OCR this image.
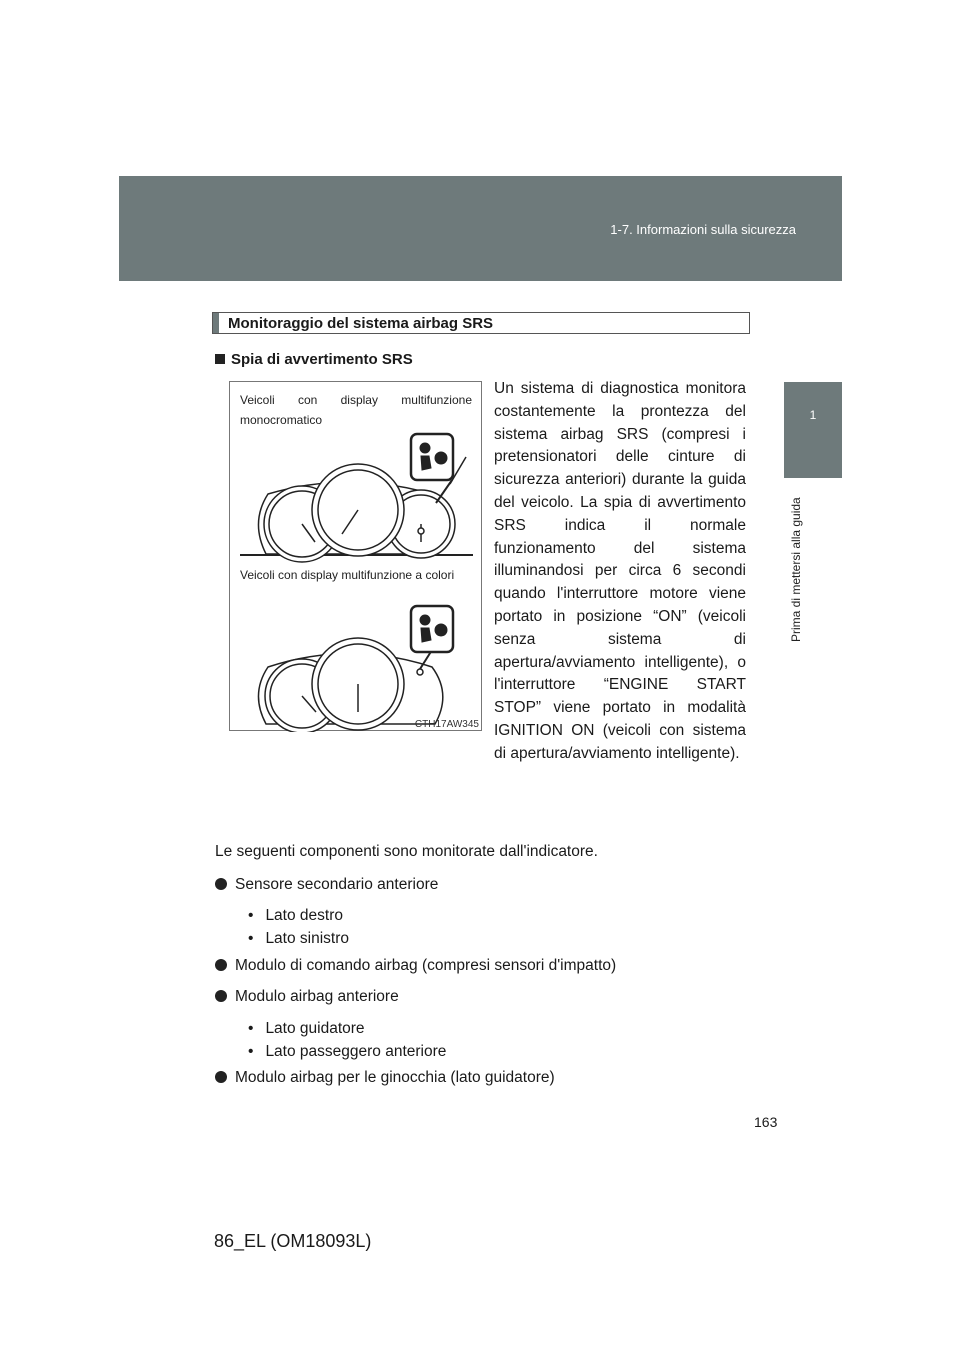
1-7. Informazioni sulla sicurezza
1
Prima di mettersi alla guida
Monitoraggio del sistema airbag SRS
Spia di avvertimento SRS
Veicoli con display multifunzione monocromatico
Veicoli con display multifunzione a colori
CTH17AW345
Un sistema di diagnostica monitora costantemente la prontezza del sistema airbag SRS (compresi i pretensionatori delle cinture di sicurezza anteriori) durante la guida del veicolo. La spia di avvertimento SRS indica il normale funzionamento del sistema illuminandosi per circa 6 secondi quando l'interruttore motore viene portato in posizione “ON” (veicoli senza sistema di apertura/avviamento intelligente), o l'interruttore “ENGINE START STOP” viene portato in modalità IGNITION ON (veicoli con sistema di apertura/avviamento intelligente).
Le seguenti componenti sono monitorate dall'indicatore.
Sensore secondario anteriore
• Lato destro
• Lato sinistro
Modulo di comando airbag (compresi sensori d'impatto)
Modulo airbag anteriore
• Lato guidatore
• Lato passeggero anteriore
Modulo airbag per le ginocchia (lato guidatore)
163
86_EL (OM18093L)
